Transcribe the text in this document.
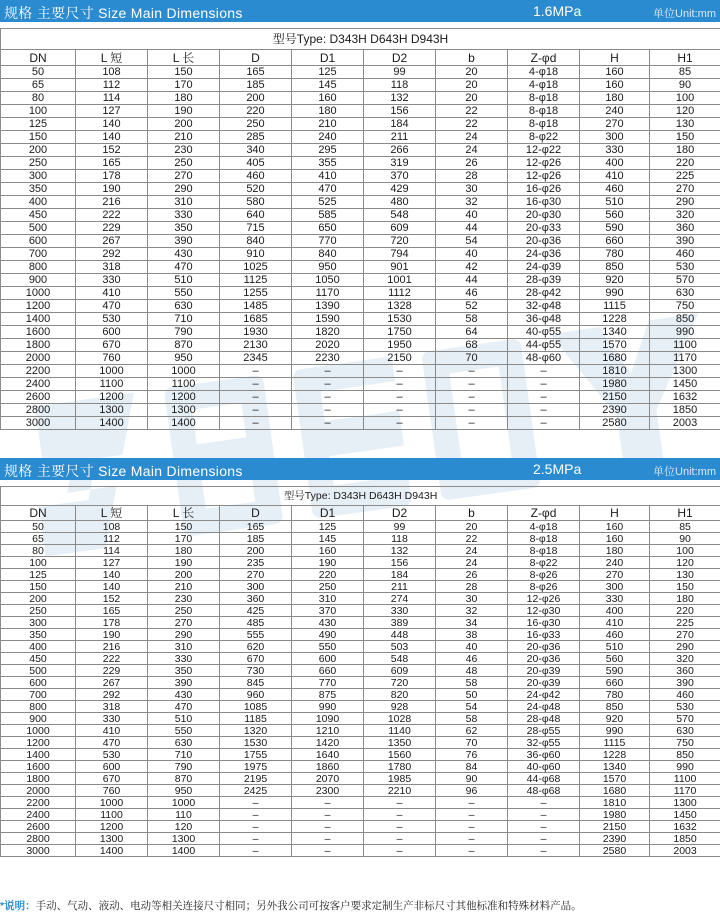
规格 主要尺寸 Size Main Dimensions	1.6MPa	单位Unit:mm
型号Type: D343H D643H D943H									
DN	L 短	L 长	D	D1	D2	b	Z-φd	H	H1
50	108	150	165	125	99	20	4-φ18	160	85
65	112	170	185	145	118	20	4-φ18	160	90
80	114	180	200	160	132	20	8-φ18	180	100
100	127	190	220	180	156	22	8-φ18	240	120
125	140	200	250	210	184	22	8-φ18	270	130
150	140	210	285	240	211	24	8-φ22	300	150
200	152	230	340	295	266	24	12-φ22	330	180
250	165	250	405	355	319	26	12-φ26	400	220
300	178	270	460	410	370	28	12-φ26	410	225
350	190	290	520	470	429	30	16-φ26	460	270
400	216	310	580	525	480	32	16-φ30	510	290
450	222	330	640	585	548	40	20-φ30	560	320
500	229	350	715	650	609	44	20-φ33	590	360
600	267	390	840	770	720	54	20-φ36	660	390
700	292	430	910	840	794	40	24-φ36	780	460
800	318	470	1025	950	901	42	24-φ39	850	530
900	330	510	1125	1050	1001	44	28-φ39	920	570
1000	410	550	1255	1170	1112	46	28-φ42	990	630
1200	470	630	1485	1390	1328	52	32-φ48	1115	750
1400	530	710	1685	1590	1530	58	36-φ48	1228	850
1600	600	790	1930	1820	1750	64	40-φ55	1340	990
1800	670	870	2130	2020	1950	68	44-φ55	1570	1100
2000	760	950	2345	2230	2150	70	48-φ60	1680	1170
2200	1000	1000	–	–	–	–	–	1810	1300
2400	1100	1100	–	–	–	–	–	1980	1450
2600	1200	1200	–	–	–	–	–	2150	1632
2800	1300	1300	–	–	–	–	–	2390	1850
3000	1400	1400	–	–	–	–	–	2580	2003
规格 主要尺寸 Size Main Dimensions	2.5MPa	单位Unit:mm
型号Type: D343H D643H D943H									
DN	L 短	L 长	D	D1	D2	b	Z-φd	H	H1
50	108	150	165	125	99	20	4-φ18	160	85
65	112	170	185	145	118	22	8-φ18	160	90
80	114	180	200	160	132	24	8-φ18	180	100
100	127	190	235	190	156	24	8-φ22	240	120
125	140	200	270	220	184	26	8-φ26	270	130
150	140	210	300	250	211	28	8-φ26	300	150
200	152	230	360	310	274	30	12-φ26	330	180
250	165	250	425	370	330	32	12-φ30	400	220
300	178	270	485	430	389	34	16-φ30	410	225
350	190	290	555	490	448	38	16-φ33	460	270
400	216	310	620	550	503	40	20-φ36	510	290
450	222	330	670	600	548	46	20-φ36	560	320
500	229	350	730	660	609	48	20-φ39	590	360
600	267	390	845	770	720	58	20-φ39	660	390
700	292	430	960	875	820	50	24-φ42	780	460
800	318	470	1085	990	928	54	24-φ48	850	530
900	330	510	1185	1090	1028	58	28-φ48	920	570
1000	410	550	1320	1210	1140	62	28-φ55	990	630
1200	470	630	1530	1420	1350	70	32-φ55	1115	750
1400	530	710	1755	1640	1560	76	36-φ60	1228	850
1600	600	790	1975	1860	1780	84	40-φ60	1340	990
1800	670	870	2195	2070	1985	90	44-φ68	1570	1100
2000	760	950	2425	2300	2210	96	48-φ68	1680	1170
2200	1000	1000	–	–	–	–	–	1810	1300
2400	1100	110	–	–	–	–	–	1980	1450
2600	1200	120	–	–	–	–	–	2150	1632
2800	1300	1300	–	–	–	–	–	2390	1850
3000	1400	1400	–	–	–	–	–	2580	2003
*说明：手动、气动、液动、电动等相关连接尺寸相同；另外我公司可按客户要求定制生产非标尺寸其他标准和特殊材料产品。
